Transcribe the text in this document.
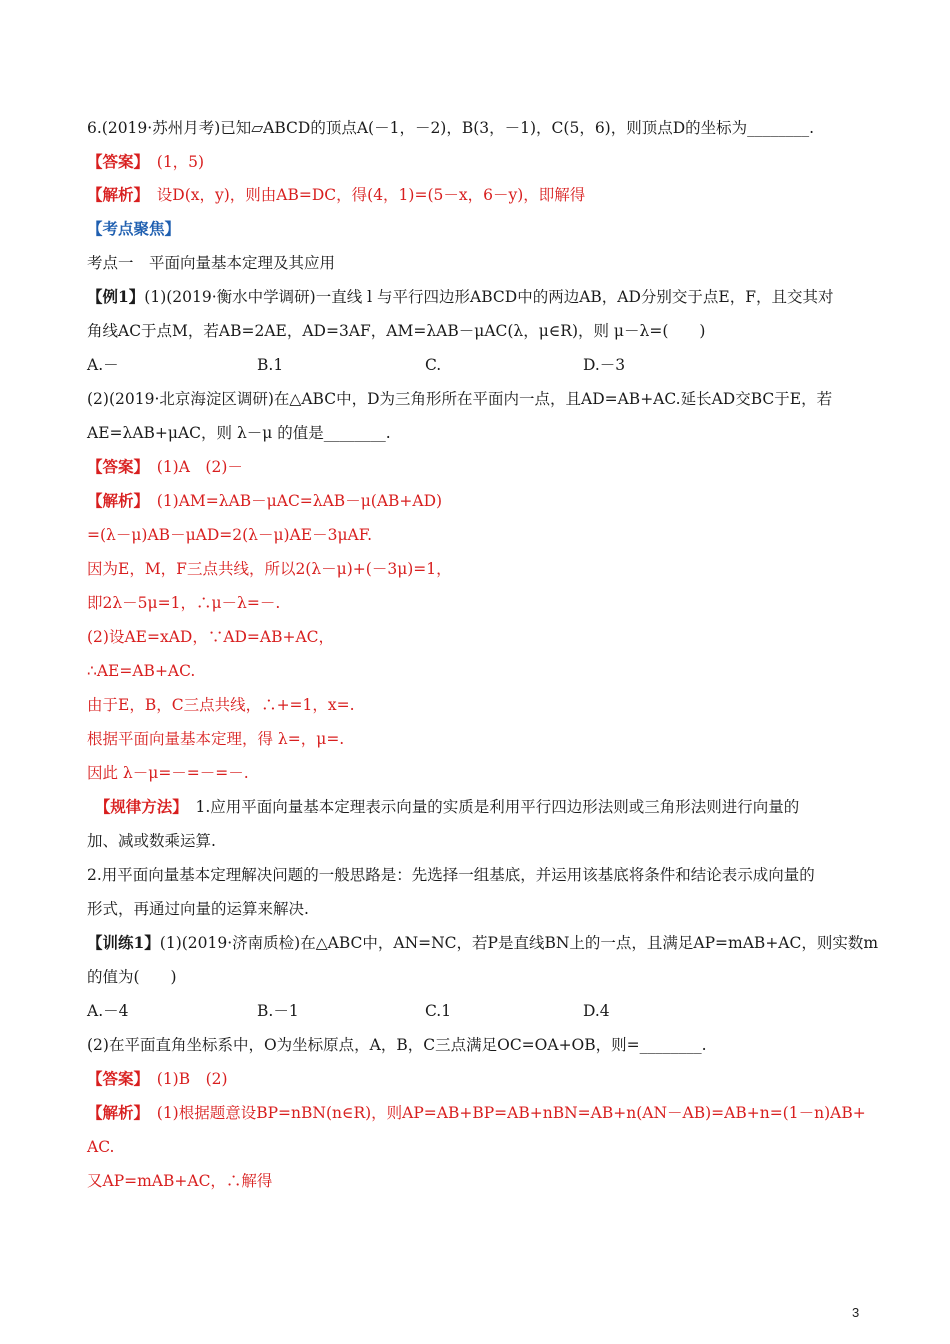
6.(2019·苏州月考)已知▱ABCD的顶点A(－1，－2)，B(3，－1)，C(5，6)，则顶点D的坐标为________.
【答案】　(1，5)
【解析】　设D(x，y)，则由AB=DC，得(4，1)=(5－x，6－y)，即解得
【考点聚焦】
考点一　平面向量基本定理及其应用
【例1】(1)(2019·衡水中学调研)一直线 l 与平行四边形ABCD中的两边AB，AD分别交于点E，F，且交其对
角线AC于点M，若AB=2AE，AD=3AF，AM=λAB－μAC(λ，μ∈R)，则 μ－λ=(　　)
A.－	B.1	C.	D.－3
(2)(2019·北京海淀区调研)在△ABC中，D为三角形所在平面内一点，且AD=AB+AC.延长AD交BC于E，若
AE=λAB+μAC，则 λ－μ 的值是________.
【答案】　(1)A　(2)－
【解析】　(1)AM=λAB－μAC=λAB－μ(AB+AD)
=(λ－μ)AB－μAD=2(λ－μ)AE－3μAF.
因为E，M，F三点共线，所以2(λ－μ)+(－3μ)=1，
即2λ－5μ=1，∴μ－λ=－.
(2)设AE=xAD，∵AD=AB+AC，
∴AE=AB+AC.
由于E，B，C三点共线，∴+=1，x=.
根据平面向量基本定理，得 λ=，μ=.
因此 λ－μ=－=－=－.
　【规律方法】　1.应用平面向量基本定理表示向量的实质是利用平行四边形法则或三角形法则进行向量的
加、减或数乘运算.
2.用平面向量基本定理解决问题的一般思路是：先选择一组基底，并运用该基底将条件和结论表示成向量的
形式，再通过向量的运算来解决.
【训练1】(1)(2019·济南质检)在△ABC中，AN=NC，若P是直线BN上的一点，且满足AP=mAB+AC，则实数m
的值为(　　)
A.－4	B.－1	C.1	D.4
(2)在平面直角坐标系中，O为坐标原点，A，B，C三点满足OC=OA+OB，则=________.
【答案】　(1)B　(2)
【解析】　(1)根据题意设BP=nBN(n∈R)，则AP=AB+BP=AB+nBN=AB+n(AN－AB)=AB+n=(1－n)AB+
AC.
又AP=mAB+AC，∴解得
3
